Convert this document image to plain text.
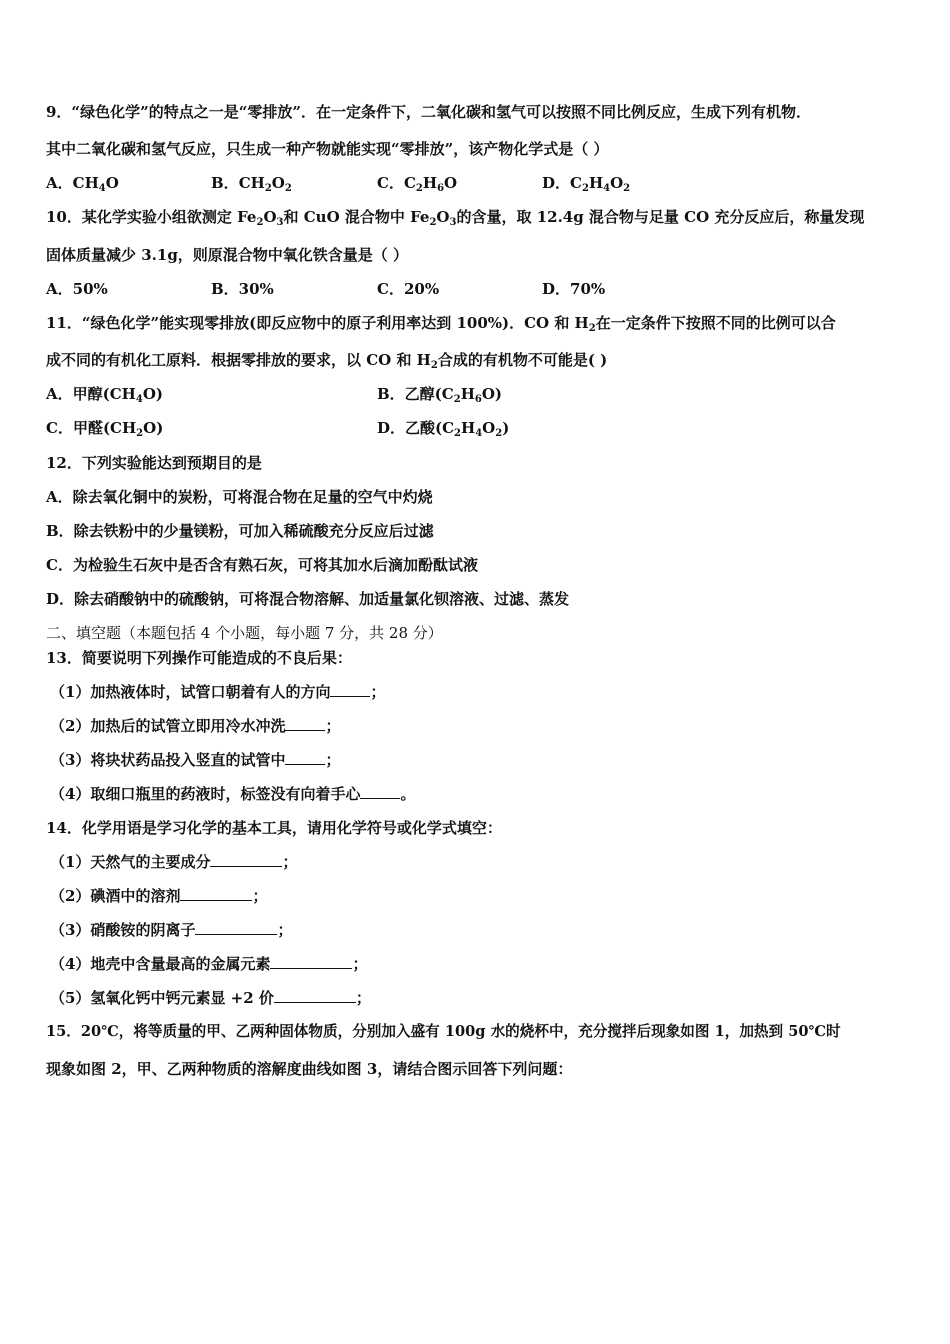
9．“绿色化学”的特点之一是“零排放”．在一定条件下，二氧化碳和氢气可以按照不同比例反应，生成下列有机物．
其中二氧化碳和氢气反应，只生成一种产物就能实现“零排放”，该产物化学式是（ ）
A．$CH_4O$	B．$CH_2O_2$	C．$C_2H_6O$	D．$C_2H_4O_2$
10．某化学实验小组欲测定 $Fe_2O_3$和 CuO 混合物中 $Fe_2O_3$的含量，取 12.4g 混合物与足量 CO 充分反应后，称量发现
固体质量减少 3.1g，则原混合物中氧化铁含量是（ ）
A．50%	B．30%	C．20%	D．70%
11．“绿色化学”能实现零排放(即反应物中的原子利用率达到 100%)．CO 和 $H_2$在一定条件下按照不同的比例可以合
成不同的有机化工原料．根据零排放的要求，以 CO 和 $H_2$合成的有机物不可能是( )
A．甲醇$(CH_4O)$	B．乙醇$(C_2H_6O)$
C．甲醛$(CH_2O)$	D．乙酸$(C_2H_4O_2)$
12．下列实验能达到预期目的是
A．除去氧化铜中的炭粉，可将混合物在足量的空气中灼烧
B．除去铁粉中的少量镁粉，可加入稀硫酸充分反应后过滤
C．为检验生石灰中是否含有熟石灰，可将其加水后滴加酚酞试液
D．除去硝酸钠中的硫酸钠，可将混合物溶解、加适量氯化钡溶液、过滤、蒸发
二、填空题（本题包括 4 个小题，每小题 7 分，共 28 分）
13．简要说明下列操作可能造成的不良后果：
（1）加热液体时，试管口朝着有人的方向	；
（2）加热后的试管立即用冷水冲洗	；
（3）将块状药品投入竖直的试管中	；
（4）取细口瓶里的药液时，标签没有向着手心	。
14．化学用语是学习化学的基本工具，请用化学符号或化学式填空：
（1）天然气的主要成分	；
（2）碘酒中的溶剂	；
（3）硝酸铵的阴离子	；
（4）地壳中含量最高的金属元素	；
（5）氢氧化钙中钙元素显 +2 价	；
15．20℃，将等质量的甲、乙两种固体物质，分别加入盛有 100g 水的烧杯中，充分搅拌后现象如图 1，加热到 50℃时
现象如图 2，甲、乙两种物质的溶解度曲线如图 3，请结合图示回答下列问题：
